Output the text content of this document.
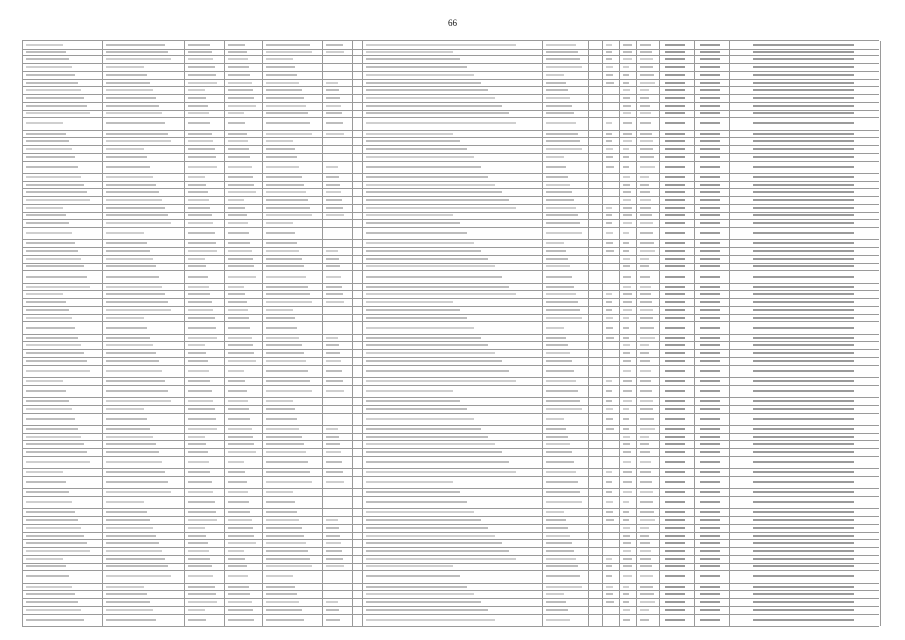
66
